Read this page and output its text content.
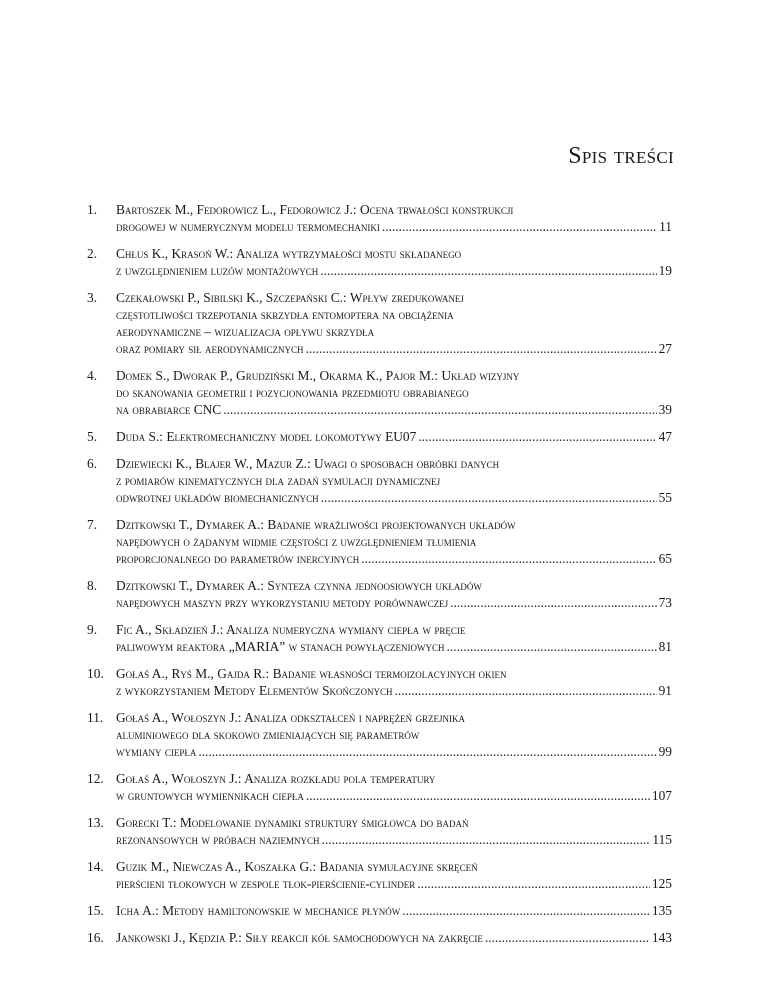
Spis treści
1.	Bartoszek M., Fedorowicz L., Fedorowicz J.: Ocena trwałości konstrukcji
drogowej w numerycznym modelu termomechaniki .....	11
2.	Chłus K., Krasoń W.: Analiza wytrzymałości mostu składanego
z uwzględnieniem luzów montażowych .....	19
3.	Czekałowski P., Sibilski K., Szczepański C.: Wpływ zredukowanej
częstotliwości trzepotania skrzydła entomoptera na obciążenia
aerodynamiczne – wizualizacja opływu skrzydła
oraz pomiary sił aerodynamicznych .....	27
4.	Domek S., Dworak P., Grudziński M., Okarma K., Pajor M.: Układ wizyjny
do skanowania geometrii i pozycjonowania przedmiotu obrabianego
na obrabiarce CNC .....	39
5.	Duda S.: Elektromechaniczny model lokomotywy EU07 .....	47
6.	Dziewiecki K., Blajer W., Mazur Z.: Uwagi o sposobach obróbki danych
z pomiarów kinematycznych dla zadań symulacji dynamicznej
odwrotnej układów biomechanicznych .....	55
7.	Dzitkowski T., Dymarek A.: Badanie wrażliwości projektowanych układów
napędowych o żądanym widmie częstości z uwzględnieniem tłumienia
proporcjonalnego do parametrów inercyjnych .....	65
8.	Dzitkowski T., Dymarek A.: Synteza czynna jednoosiowych układów
napędowych maszyn przy wykorzystaniu metody porównawczej .....	73
9.	Fic A., Składzień J.: Analiza numeryczna wymiany ciepła w pręcie
paliwowym reaktora „MARIA” w stanach powyłączeniowych .....	81
10. Gołaś A., Ryś M., Gajda R.: Badanie własności termoizolacyjnych okien
z wykorzystaniem Metody Elementów Skończonych .....	91
11. Gołaś A., Wołoszyn J.: Analiza odkształceń i naprężeń grzejnika
aluminiowego dla skokowo zmieniających się parametrów
wymiany ciepła .....	99
12. Gołaś A., Wołoszyn J.: Analiza rozkładu pola temperatury
w gruntowych wymiennikach ciepła .....	107
13. Gorecki T.: Modelowanie dynamiki struktury śmigłowca do badań
rezonansowych w próbach naziemnych .....	115
14. Guzik M., Niewczas A., Koszałka G.: Badania symulacyjne skręceń
pierścieni tłokowych w zespole tłok-pierścienie-cylinder .....	125
15. Icha A.: Metody hamiltonowskie w mechanice płynów .....	135
16. Jankowski J., Kędzia P.: Siły reakcji kół samochodowych na zakręcie .....	143
